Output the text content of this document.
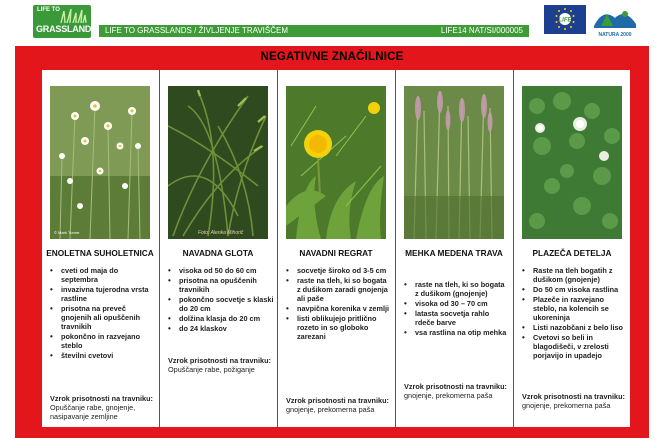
LIFE TO
GRASSLANDS LIFE TO GRASSLANDS / ŽIVLJENJE TRAVIŠČEM	LIFE14 NAT/SI/000005
LIFE
NATURA 2000
NEGATIVNE ZNAČILNICE
© Mark Turner
ENOLETNA SUHOLETNICA
• cveti od maja do septembra
• invazivna tujerodna vrsta rastline
• prisotna na preveč gnojenih ali opuščenih travnikih
• pokončno in razvejano steblo
• številni cvetovi
Vzrok prisotnosti na travniku:
Opuščanje rabe, gnojenje, nasipavanje zemljine
Foto: Alenka Mihorič
NAVADNA GLOTA
• visoka od 50 do 60 cm
• prisotna na opuščenih travnikih
• pokončno socvetje s klaski do 20 cm
• dolžina klasja do 20 cm
• do 24 klaskov
Vzrok prisotnosti na travniku:
Opuščanje rabe, požiganje
NAVADNI REGRAT
• socvetje široko od 3-5 cm
• raste na tleh, ki so bogata z dušikom zaradi gnojenja ali paše
• navpična korenika v zemlji
• listi oblikujejo pritlično rozeto in so globoko zarezani
Vzrok prisotnosti na travniku:
gnojenje, prekomerna paša
MEHKA MEDENA TRAVA
• raste na tleh, ki so bogata z dušikom (gnojenje)
• visoka od 30 – 70 cm
• latasta socvetja rahlo rdeče barve
• vsa rastlina na otip mehka
Vzrok prisotnosti na travniku:
gnojenje, prekomerna paša
PLAZEČA DETELJA
• Raste na tleh bogatih z dušikom (gnojenje)
• Do 50 cm visoka rastlina
• Plazeče in razvejano steblo, na kolencih se ukoreninja
• Listi nazobčani z belo liso
• Cvetovi so beli in blagodišeči, v zrelosti porjavijo in upadejo
Vzrok prisotnosti na travniku:
gnojenje, prekomerna paša
